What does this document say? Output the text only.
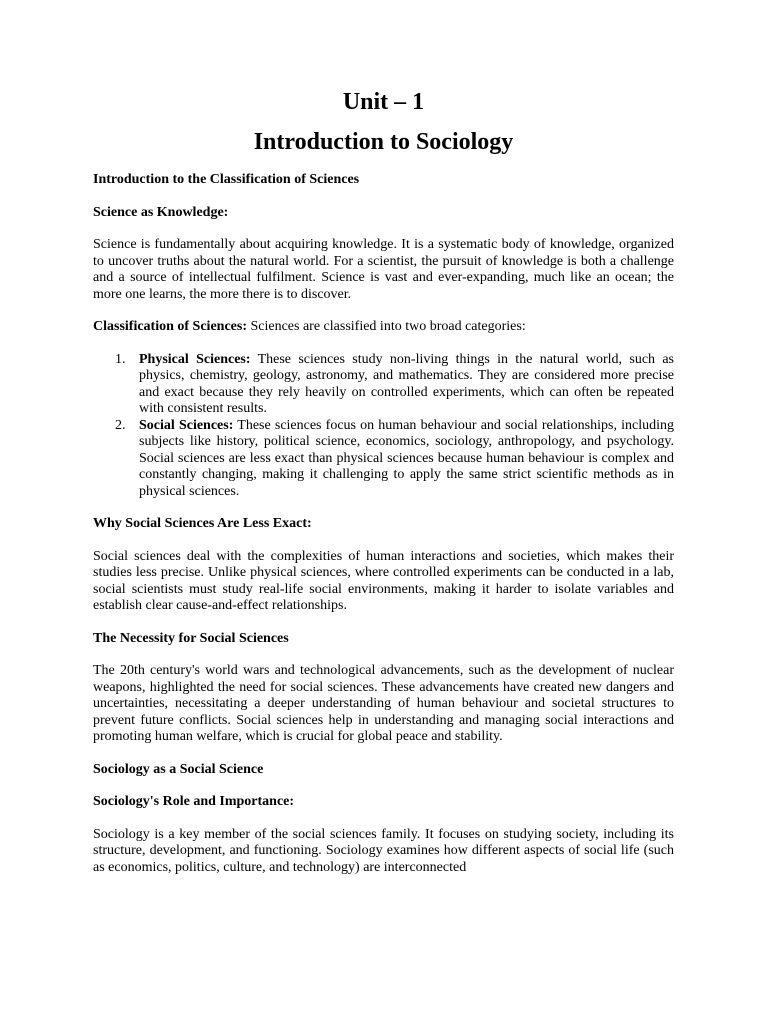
Unit – 1
Introduction to Sociology
Introduction to the Classification of Sciences
Science as Knowledge:

Science is fundamentally about acquiring knowledge. It is a systematic body of knowledge, organized to uncover truths about the natural world. For a scientist, the pursuit of knowledge is both a challenge and a source of intellectual fulfilment. Science is vast and ever-expanding, much like an ocean; the more one learns, the more there is to discover.

Classification of Sciences: Sciences are classified into two broad categories:

1. Physical Sciences: These sciences study non-living things in the natural world, such as physics, chemistry, geology, astronomy, and mathematics. They are considered more precise and exact because they rely heavily on controlled experiments, which can often be repeated with consistent results.
2. Social Sciences: These sciences focus on human behaviour and social relationships, including subjects like history, political science, economics, sociology, anthropology, and psychology. Social sciences are less exact than physical sciences because human behaviour is complex and constantly changing, making it challenging to apply the same strict scientific methods as in physical sciences.
Why Social Sciences Are Less Exact:

Social sciences deal with the complexities of human interactions and societies, which makes their studies less precise. Unlike physical sciences, where controlled experiments can be conducted in a lab, social scientists must study real-life social environments, making it harder to isolate variables and establish clear cause-and-effect relationships.

The Necessity for Social Sciences

The 20th century's world wars and technological advancements, such as the development of nuclear weapons, highlighted the need for social sciences. These advancements have created new dangers and uncertainties, necessitating a deeper understanding of human behaviour and societal structures to prevent future conflicts. Social sciences help in understanding and managing social interactions and promoting human welfare, which is crucial for global peace and stability.

Sociology as a Social Science
Sociology's Role and Importance:

Sociology is a key member of the social sciences family. It focuses on studying society, including its structure, development, and functioning. Sociology examines how different aspects of social life (such as economics, politics, culture, and technology) are interconnected
